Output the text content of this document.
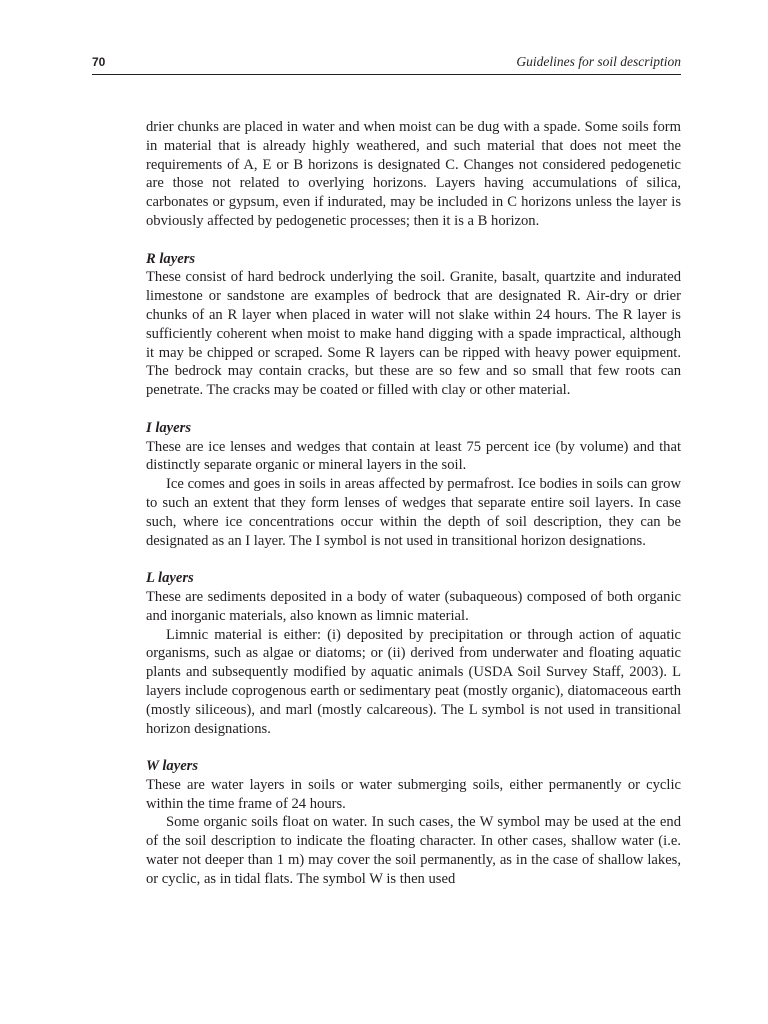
70	Guidelines for soil description

drier chunks are placed in water and when moist can be dug with a spade. Some soils form in material that is already highly weathered, and such material that does not meet the requirements of A, E or B horizons is designated C. Changes not considered pedogenetic are those not related to overlying horizons. Layers having accumulations of silica, carbonates or gypsum, even if indurated, may be included in C horizons unless the layer is obviously affected by pedogenetic processes; then it is a B horizon.

R layers

These consist of hard bedrock underlying the soil. Granite, basalt, quartzite and indurated limestone or sandstone are examples of bedrock that are designated R. Air-dry or drier chunks of an R layer when placed in water will not slake within 24 hours. The R layer is sufficiently coherent when moist to make hand digging with a spade impractical, although it may be chipped or scraped. Some R layers can be ripped with heavy power equipment. The bedrock may contain cracks, but these are so few and so small that few roots can penetrate. The cracks may be coated or filled with clay or other material.

I layers

These are ice lenses and wedges that contain at least 75 percent ice (by volume) and that distinctly separate organic or mineral layers in the soil.

Ice comes and goes in soils in areas affected by permafrost. Ice bodies in soils can grow to such an extent that they form lenses of wedges that separate entire soil layers. In case such, where ice concentrations occur within the depth of soil description, they can be designated as an I layer. The I symbol is not used in transitional horizon designations.

L layers

These are sediments deposited in a body of water (subaqueous) composed of both organic and inorganic materials, also known as limnic material.

Limnic material is either: (i) deposited by precipitation or through action of aquatic organisms, such as algae or diatoms; or (ii) derived from underwater and floating aquatic plants and subsequently modified by aquatic animals (USDA Soil Survey Staff, 2003). L layers include coprogenous earth or sedimentary peat (mostly organic), diatomaceous earth (mostly siliceous), and marl (mostly calcareous). The L symbol is not used in transitional horizon designations.

W layers

These are water layers in soils or water submerging soils, either permanently or cyclic within the time frame of 24 hours.

Some organic soils float on water. In such cases, the W symbol may be used at the end of the soil description to indicate the floating character. In other cases, shallow water (i.e. water not deeper than 1 m) may cover the soil permanently, as in the case of shallow lakes, or cyclic, as in tidal flats. The symbol W is then used
